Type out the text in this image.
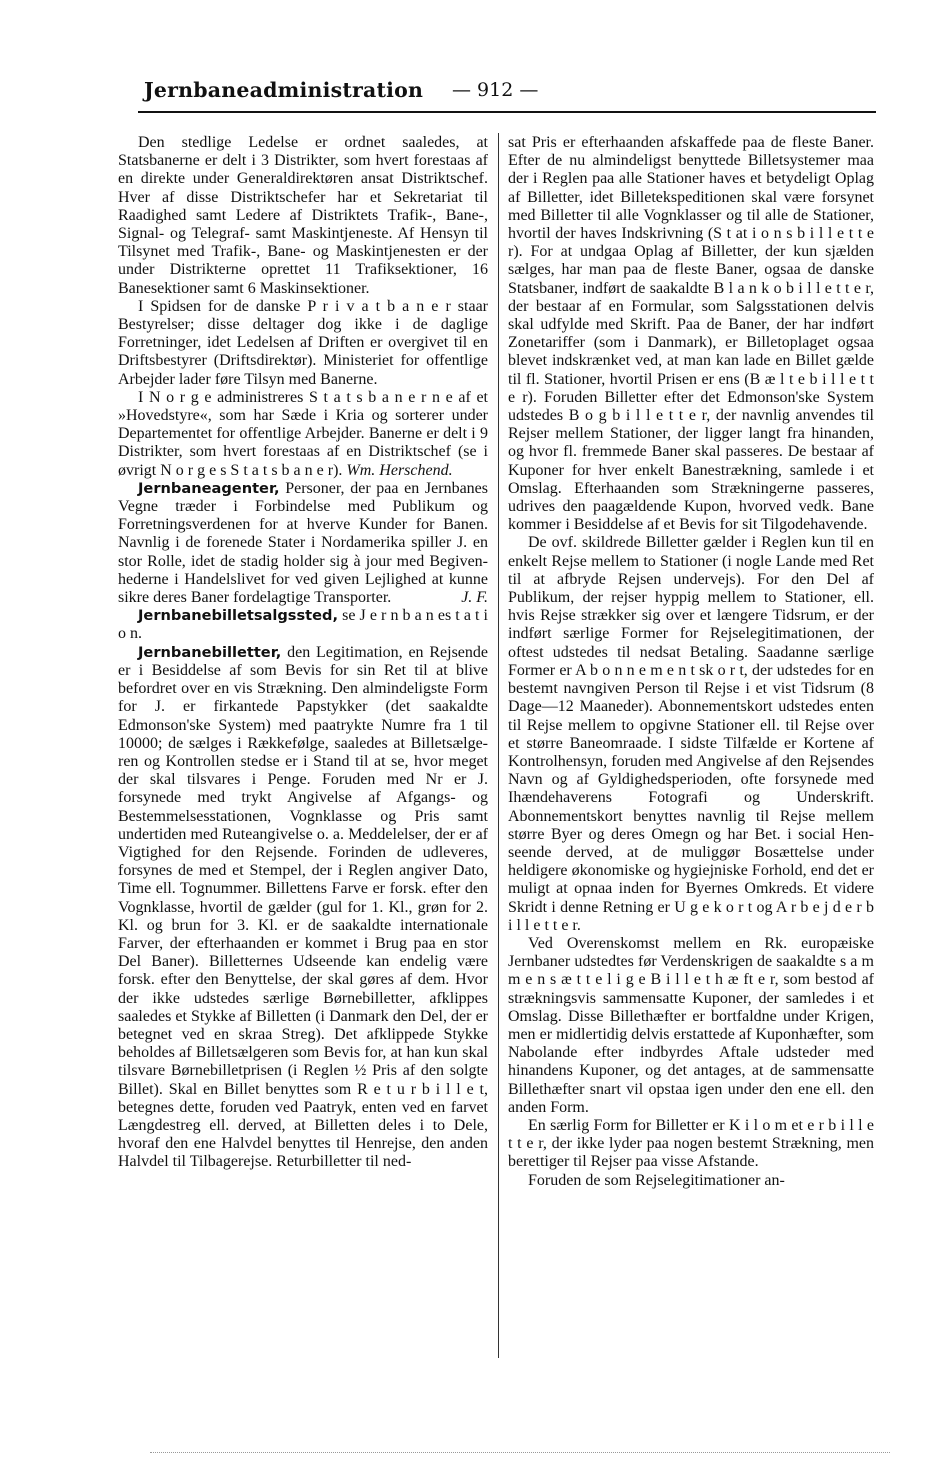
Jernbaneadministration — 912 —

Den stedlige Ledelse er ordnet saaledes, at Statsbanerne er delt i 3 Distrikter, som hvert forestaas af en direkte under Generaldirektøren ansat Distriktschef. Hver af disse Distriktschefer har et Sekretariat til Raadighed samt Ledere af Distriktets Trafik-, Bane-, Signal- og Telegraf- samt Maskintjeneste. Af Hensyn til Tilsynet med Trafik-, Bane- og Maskintjenesten er der under Distrikterne oprettet 11 Trafiksektioner, 16 Banesektioner samt 6 Maskinsektioner.

I Spidsen for de danske P r i v a t b a n e r staar Bestyrelser; disse deltager dog ikke i de daglige Forretninger, idet Ledelsen af Driften er overgivet til en Driftsbestyrer (Driftsdirektør). Ministeriet for offentlige Arbejder lader føre Tilsyn med Banerne.

I N o r g e administreres S t a t s b a n e r n e af et »Hovedstyre«, som har Sæde i Kria og sorterer under Departementet for offentlige Arbejder. Banerne er delt i 9 Distrikter, som hvert forestaas af en Distriktschef (se i øvrigt N o r g e s S t a t s b a n e r). Wm. Herschend.

Jernbaneagenter, Personer, der paa en Jernbanes Vegne træder i Forbindelse med Publikum og Forretningsverdenen for at hverve Kunder for Banen. Navnlig i de forenede Stater i Nordamerika spiller J. en stor Rolle, idet de stadig holder sig à jour med Begivenhederne i Handelslivet for ved given Lejlighed at kunne sikre deres Baner fordelagtige Transporter.	J. F.

Jernbanebilletsalgssted, se J e r n b a n es t a t i o n.

Jernbanebilletter, den Legitimation, en Rejsende er i Besiddelse af som Bevis for sin Ret til at blive befordret over en vis Strækning. Den almindeligste Form for J. er firkantede Papstykker (det saakaldte Edmonson'ske System) med paatrykte Numre fra 1 til 10000; de sælges i Rækkefølge, saaledes at Billetsælgeren og Kontrollen stedse er i Stand til at se, hvor meget der skal tilsvares i Penge. Foruden med Nr er J. forsynede med trykt Angivelse af Afgangs- og Bestemmelsesstationen, Vognklasse og Pris samt undertiden med Ruteangivelse o. a. Meddelelser, der er af Vigtighed for den Rejsende. Forinden de udleveres, forsynes de med et Stempel, der i Reglen angiver Dato, Time ell. Tognummer. Billettens Farve er forsk. efter den Vognklasse, hvortil de gælder (gul for 1. Kl., grøn for 2. Kl. og brun for 3. Kl. er de saakaldte internationale Farver, der efterhaanden er kommet i Brug paa en stor Del Baner). Billetternes Udseende kan endelig være forsk. efter den Benyttelse, der skal gøres af dem. Hvor der ikke udstedes særlige Børnebilletter, afklippes saaledes et Stykke af Billetten (i Danmark den Del, der er betegnet ved en skraa Streg). Det afklippede Stykke beholdes af Billetsælgeren som Bevis for, at han kun skal tilsvare Børnebilletprisen (i Reglen ½ Pris af den solgte Billet). Skal en Billet benyttes som R e t u r b i l l e t, betegnes dette, foruden ved Paatryk, enten ved en farvet Længdestreg ell. derved, at Billetten deles i to Dele, hvoraf den ene Halvdel benyttes til Henrejse, den anden Halvdel til Tilbagerejse. Returbilletter til ned-

sat Pris er efterhaanden afskaffede paa de fleste Baner. Efter de nu almindeligst benyttede Billetsystemer maa der i Reglen paa alle Stationer haves et betydeligt Oplag af Billetter, idet Billetekspeditionen skal være forsynet med Billetter til alle Vognklasser og til alle de Stationer, hvortil der haves Indskrivning (S t at i o n s b i l l e t t e r). For at undgaa Oplag af Billetter, der kun sjælden sælges, har man paa de fleste Baner, ogsaa de danske Statsbaner, indført de saakaldte B l a n k o b i l l e t t e r, der bestaar af en Formular, som Salgsstationen delvis skal udfylde med Skrift. Paa de Baner, der har indført Zonetariffer (som i Danmark), er Billetoplaget ogsaa blevet indskrænket ved, at man kan lade en Billet gælde til fl. Stationer, hvortil Prisen er ens (B æ l t e b i l l e t t e r). Foruden Billetter efter det Edmonson'ske System udstedes B o g b i l l e t t e r, der navnlig anvendes til Rejser mellem Stationer, der ligger langt fra hinanden, og hvor fl. fremmede Baner skal passeres. De bestaar af Kuponer for hver enkelt Banestrækning, samlede i et Omslag. Efterhaanden som Strækningerne passeres, udrives den paagældende Kupon, hvorved vedk. Bane kommer i Besiddelse af et Bevis for sit Tilgodehavende.

De ovf. skildrede Billetter gælder i Reglen kun til en enkelt Rejse mellem to Stationer (i nogle Lande med Ret til at afbryde Rejsen undervejs). For den Del af Publikum, der rejser hyppig mellem to Stationer, ell. hvis Rejse strækker sig over et længere Tidsrum, er der indført særlige Former for Rejselegitimationen, der oftest udstedes til nedsat Betaling. Saadanne særlige Former er A b o n n e m e n t sk o r t, der udstedes for en bestemt navngiven Person til Rejse i et vist Tidsrum (8 Dage—12 Maaneder). Abonnementskort udstedes enten til Rejse mellem to opgivne Stationer ell. til Rejse over et større Baneomraade. I sidste Tilfælde er Kortene af Kontrolhensyn, foruden med Angivelse af den Rejsendes Navn og af Gyldighedsperioden, ofte forsynede med Ihændehaverens Fotografi og Underskrift. Abonnementskort benyttes navnlig til Rejse mellem større Byer og deres Omegn og har Bet. i social Henseende derved, at de muliggør Bosættelse under heldigere økonomiske og hygiejniske Forhold, end det er muligt at opnaa inden for Byernes Omkreds. Et videre Skridt i denne Retning er U g e k o r t og A r b e j d e r b i l l e t t e r.

Ved Overenskomst mellem en Rk. europæiske Jernbaner udstedtes før Verdenskrigen de saakaldte s a m m e n s æ t t e l i g e B i l l e t h æ ft e r, som bestod af strækningsvis sammensatte Kuponer, der samledes i et Omslag. Disse Billethæfter er bortfaldne under Krigen, men er midlertidig delvis erstattede af Kuponhæfter, som Nabolande efter indbyrdes Aftale udsteder med hinandens Kuponer, og det antages, at de sammensatte Billethæfter snart vil opstaa igen under den ene ell. den anden Form.

En særlig Form for Billetter er K i l o m et e r b i l l e t t e r, der ikke lyder paa nogen bestemt Strækning, men berettiger til Rejser paa visse Afstande.

Foruden de som Rejselegitimationer an-
